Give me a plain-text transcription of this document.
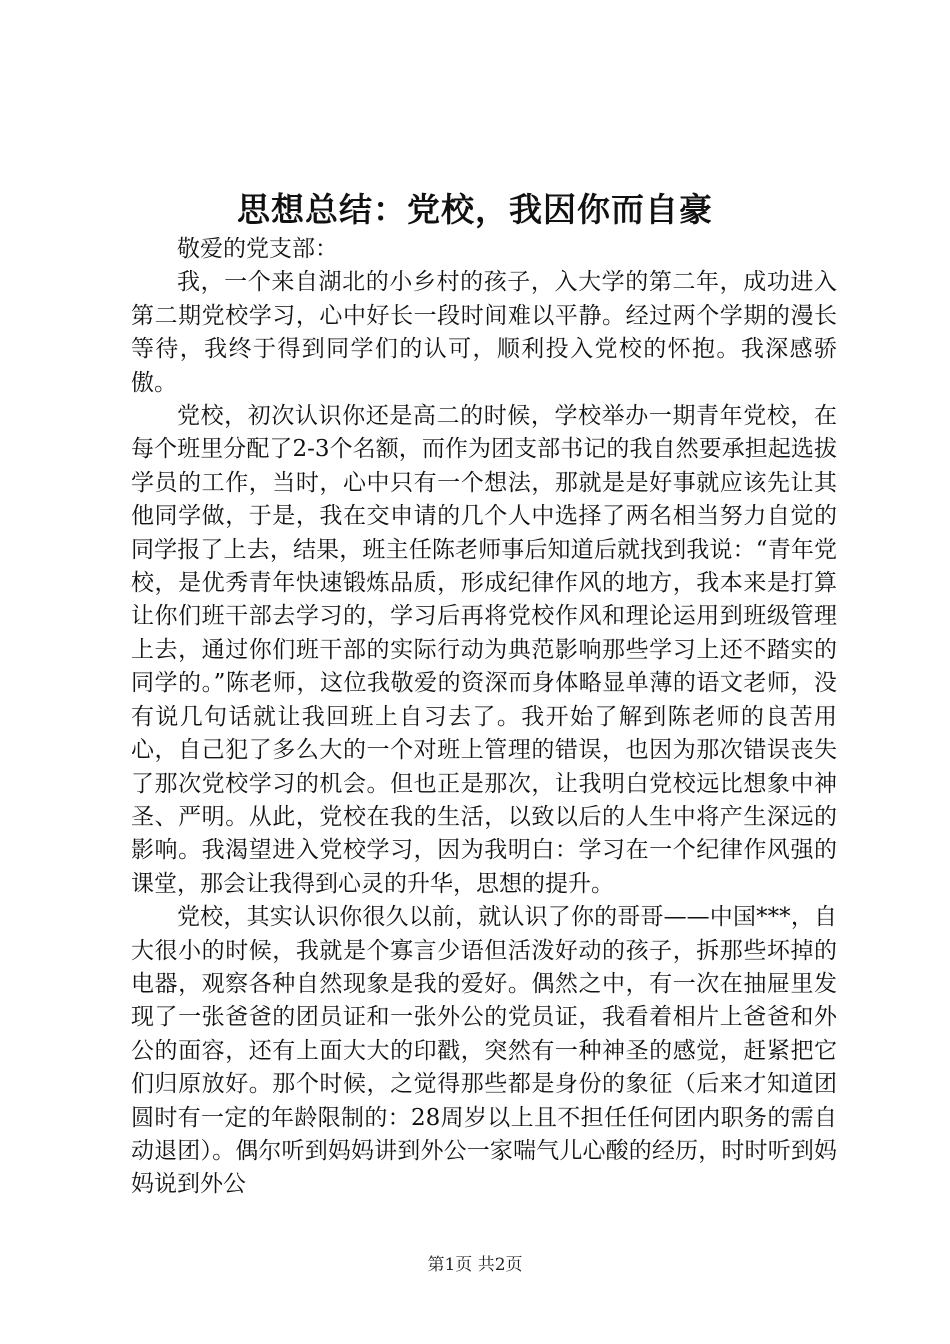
思想总结：党校，我因你而自豪

敬爱的党支部：

我，一个来自湖北的小乡村的孩子，入大学的第二年，成功进入第二期党校学习，心中好长一段时间难以平静。经过两个学期的漫长等待，我终于得到同学们的认可，顺利投入党校的怀抱。我深感骄傲。

党校，初次认识你还是高二的时候，学校举办一期青年党校，在每个班里分配了2-3个名额，而作为团支部书记的我自然要承担起选拔学员的工作，当时，心中只有一个想法，那就是是好事就应该先让其他同学做，于是，我在交申请的几个人中选择了两名相当努力自觉的同学报了上去，结果，班主任陈老师事后知道后就找到我说：“青年党校，是优秀青年快速锻炼品质，形成纪律作风的地方，我本来是打算让你们班干部去学习的，学习后再将党校作风和理论运用到班级管理上去，通过你们班干部的实际行动为典范影响那些学习上还不踏实的同学的。”陈老师，这位我敬爱的资深而身体略显单薄的语文老师，没有说几句话就让我回班上自习去了。我开始了解到陈老师的良苦用心，自己犯了多么大的一个对班上管理的错误，也因为那次错误丧失了那次党校学习的机会。但也正是那次，让我明白党校远比想象中神圣、严明。从此，党校在我的生活，以致以后的人生中将产生深远的影响。我渴望进入党校学习，因为我明白：学习在一个纪律作风强的课堂，那会让我得到心灵的升华，思想的提升。

党校，其实认识你很久以前，就认识了你的哥哥——中国***，自大很小的时候，我就是个寡言少语但活泼好动的孩子，拆那些坏掉的电器，观察各种自然现象是我的爱好。偶然之中，有一次在抽屉里发现了一张爸爸的团员证和一张外公的党员证，我看着相片上爸爸和外公的面容，还有上面大大的印戳，突然有一种神圣的感觉，赶紧把它们归原放好。那个时候，之觉得那些都是身份的象征（后来才知道团圆时有一定的年龄限制的：28周岁以上且不担任任何团内职务的需自动退团）。偶尔听到妈妈讲到外公一家喘气儿心酸的经历，时时听到妈妈说到外公

第1页 共2页
